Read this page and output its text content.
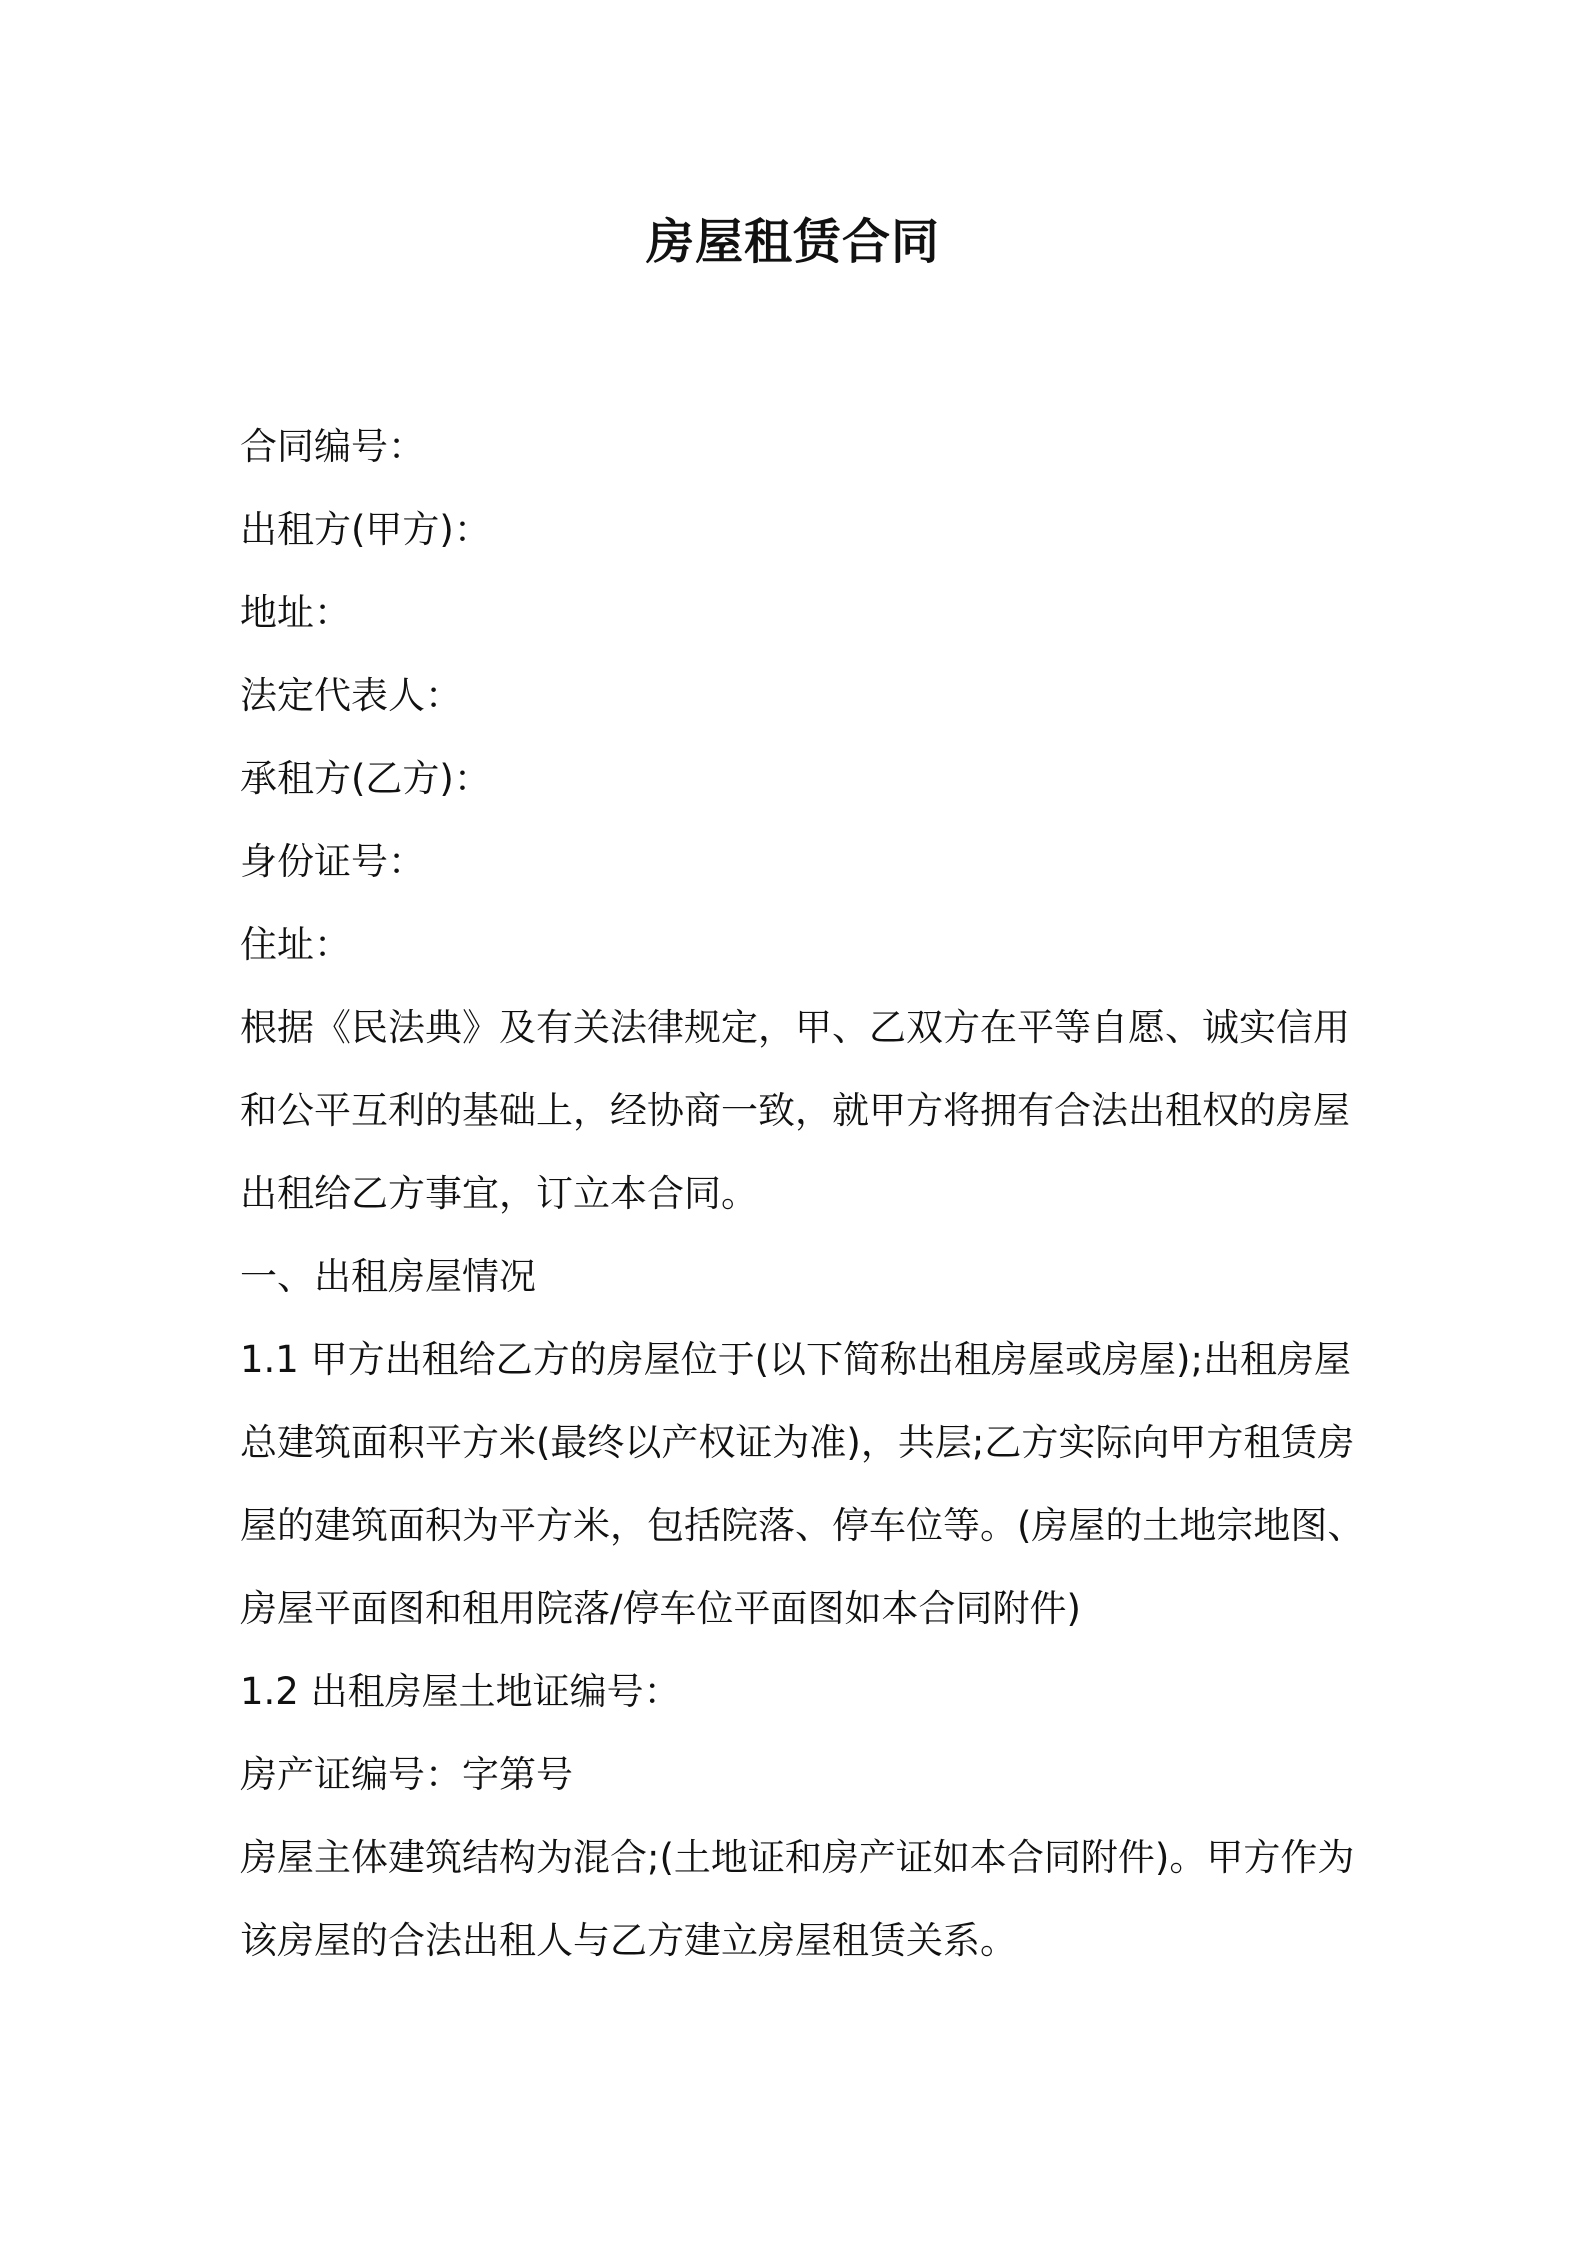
房屋租赁合同
合同编号：
出租方(甲方)：
地址：
法定代表人：
承租方(乙方)：
身份证号：
住址：
根据《民法典》及有关法律规定，甲、乙双方在平等自愿、诚实信用
和公平互利的基础上，经协商一致，就甲方将拥有合法出租权的房屋
出租给乙方事宜，订立本合同。
一、出租房屋情况
1.1 甲方出租给乙方的房屋位于(以下简称出租房屋或房屋);出租房屋
总建筑面积平方米(最终以产权证为准)，共层;乙方实际向甲方租赁房
屋的建筑面积为平方米，包括院落、停车位等。(房屋的土地宗地图、
房屋平面图和租用院落/停车位平面图如本合同附件)
1.2 出租房屋土地证编号：
房产证编号：字第号
房屋主体建筑结构为混合;(土地证和房产证如本合同附件)。甲方作为
该房屋的合法出租人与乙方建立房屋租赁关系。
